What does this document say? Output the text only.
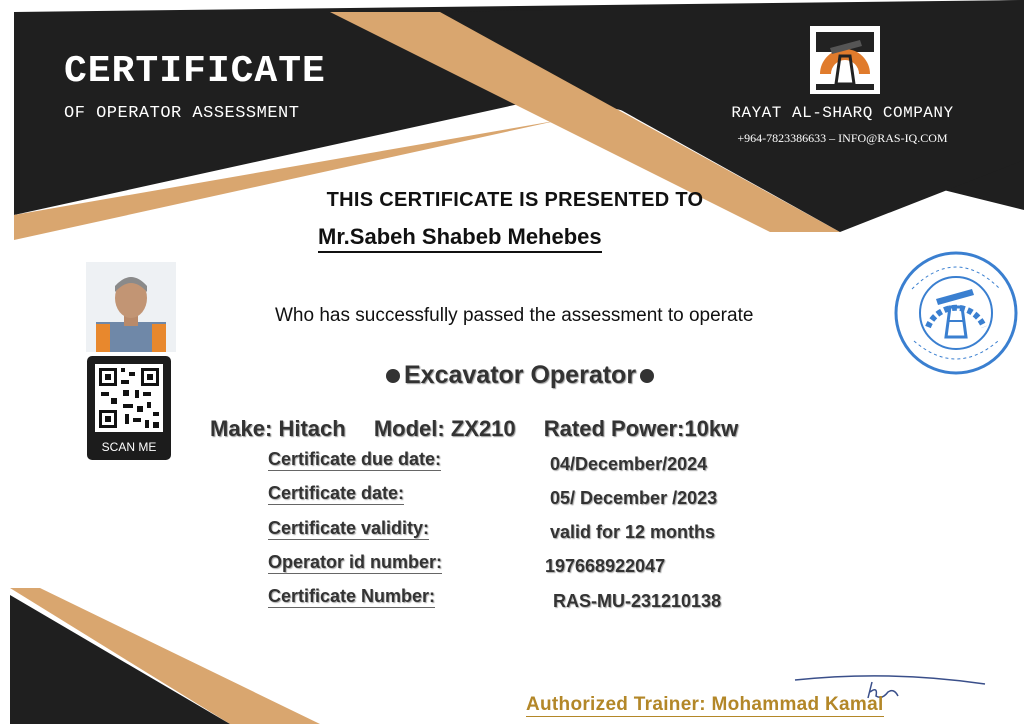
CERTIFICATE
OF OPERATOR ASSESSMENT	RAYAT AL-SHARQ COMPANY
+964-7823386633 – INFO@RAS-IQ.COM
THIS CERTIFICATE IS PRESENTED TO
Mr.Sabeh Shabeb Mehebes
SCAN ME
Who has successfully passed the assessment to operate
Excavator Operator
Make: Hitach Model: ZX210 Rated Power:10kw
Certificate due date:	04/December/2024
Certificate date:	05/ December /2023
Certificate validity:	valid for 12 months
Operator id number:	197668922047
Certificate Number:	RAS-MU-231210138
Authorized Trainer: Mohammad Kamal
